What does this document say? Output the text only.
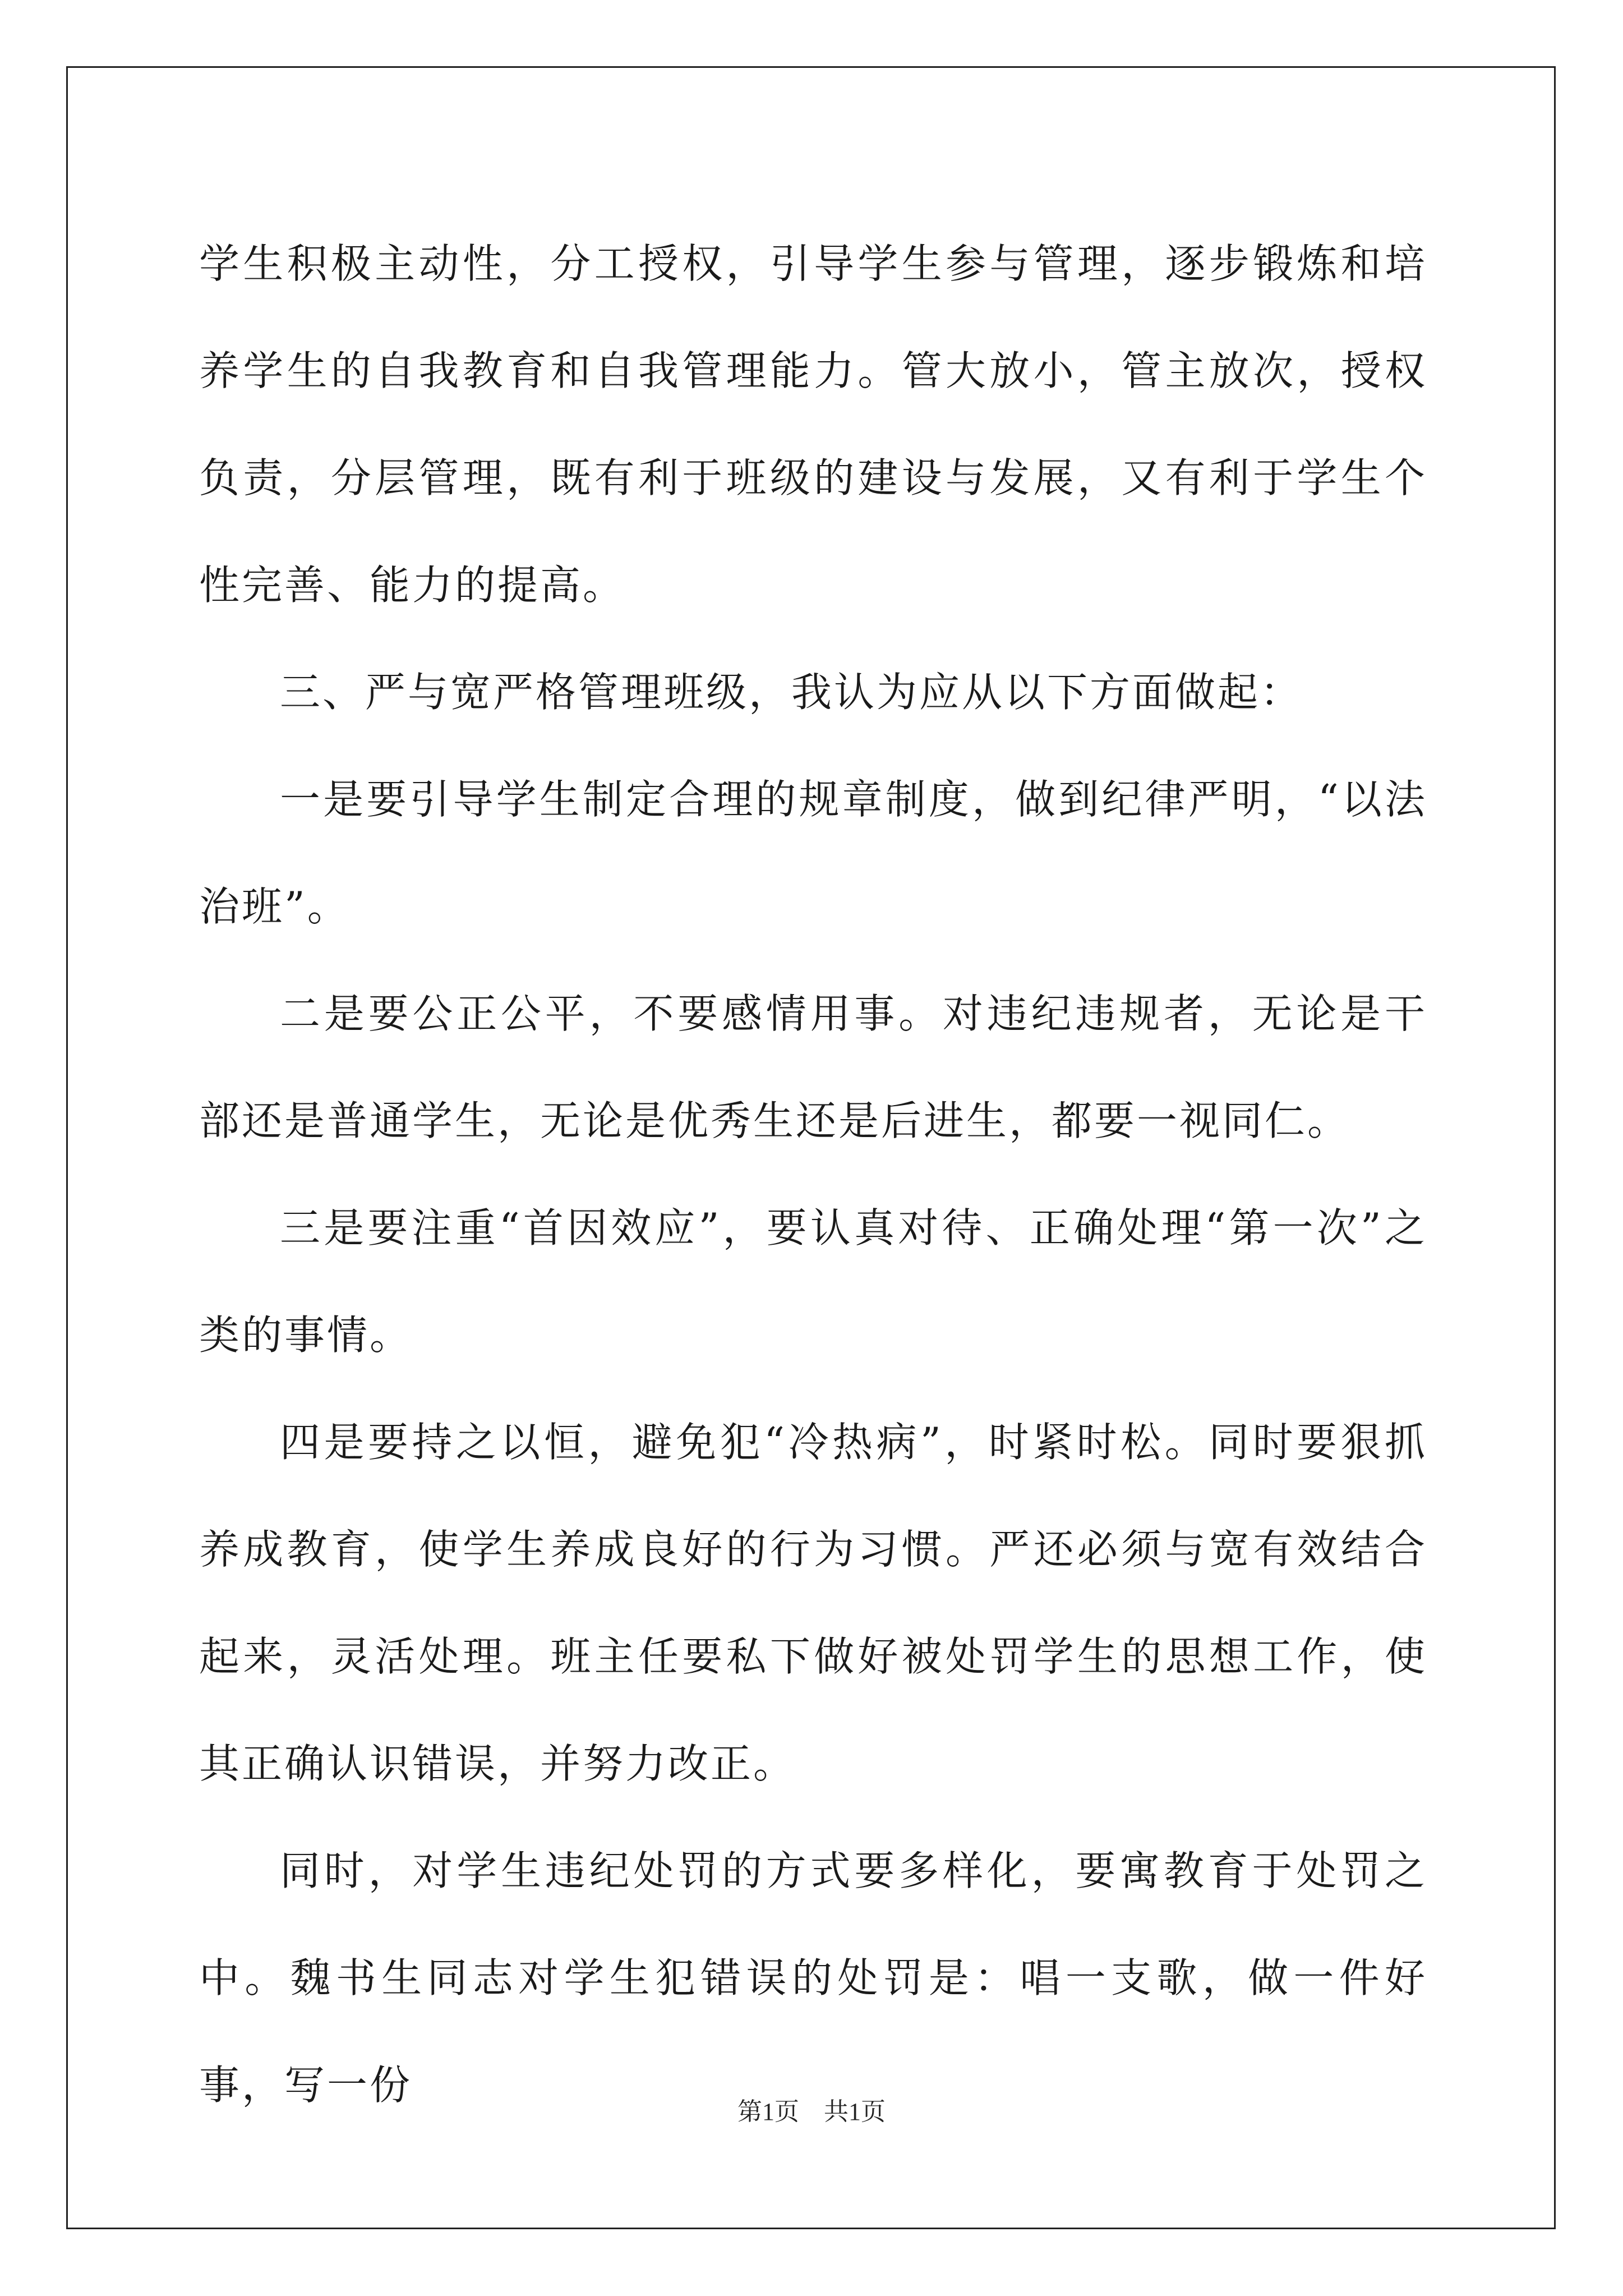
学生积极主动性，分工授权，引导学生参与管理，逐步锻炼和培养学生的自我教育和自我管理能力。管大放小，管主放次，授权负责，分层管理，既有利于班级的建设与发展，又有利于学生个性完善、能力的提高。

三、严与宽严格管理班级，我认为应从以下方面做起：

一是要引导学生制定合理的规章制度，做到纪律严明，“以法治班”。

二是要公正公平，不要感情用事。对违纪违规者，无论是干部还是普通学生，无论是优秀生还是后进生，都要一视同仁。

三是要注重“首因效应”，要认真对待、正确处理“第一次”之类的事情。

四是要持之以恒，避免犯“冷热病”，时紧时松。同时要狠抓养成教育，使学生养成良好的行为习惯。严还必须与宽有效结合起来，灵活处理。班主任要私下做好被处罚学生的思想工作，使其正确认识错误，并努力改正。

同时，对学生违纪处罚的方式要多样化，要寓教育于处罚之中。魏书生同志对学生犯错误的处罚是：唱一支歌，做一件好事，写一份

第1页　共1页
